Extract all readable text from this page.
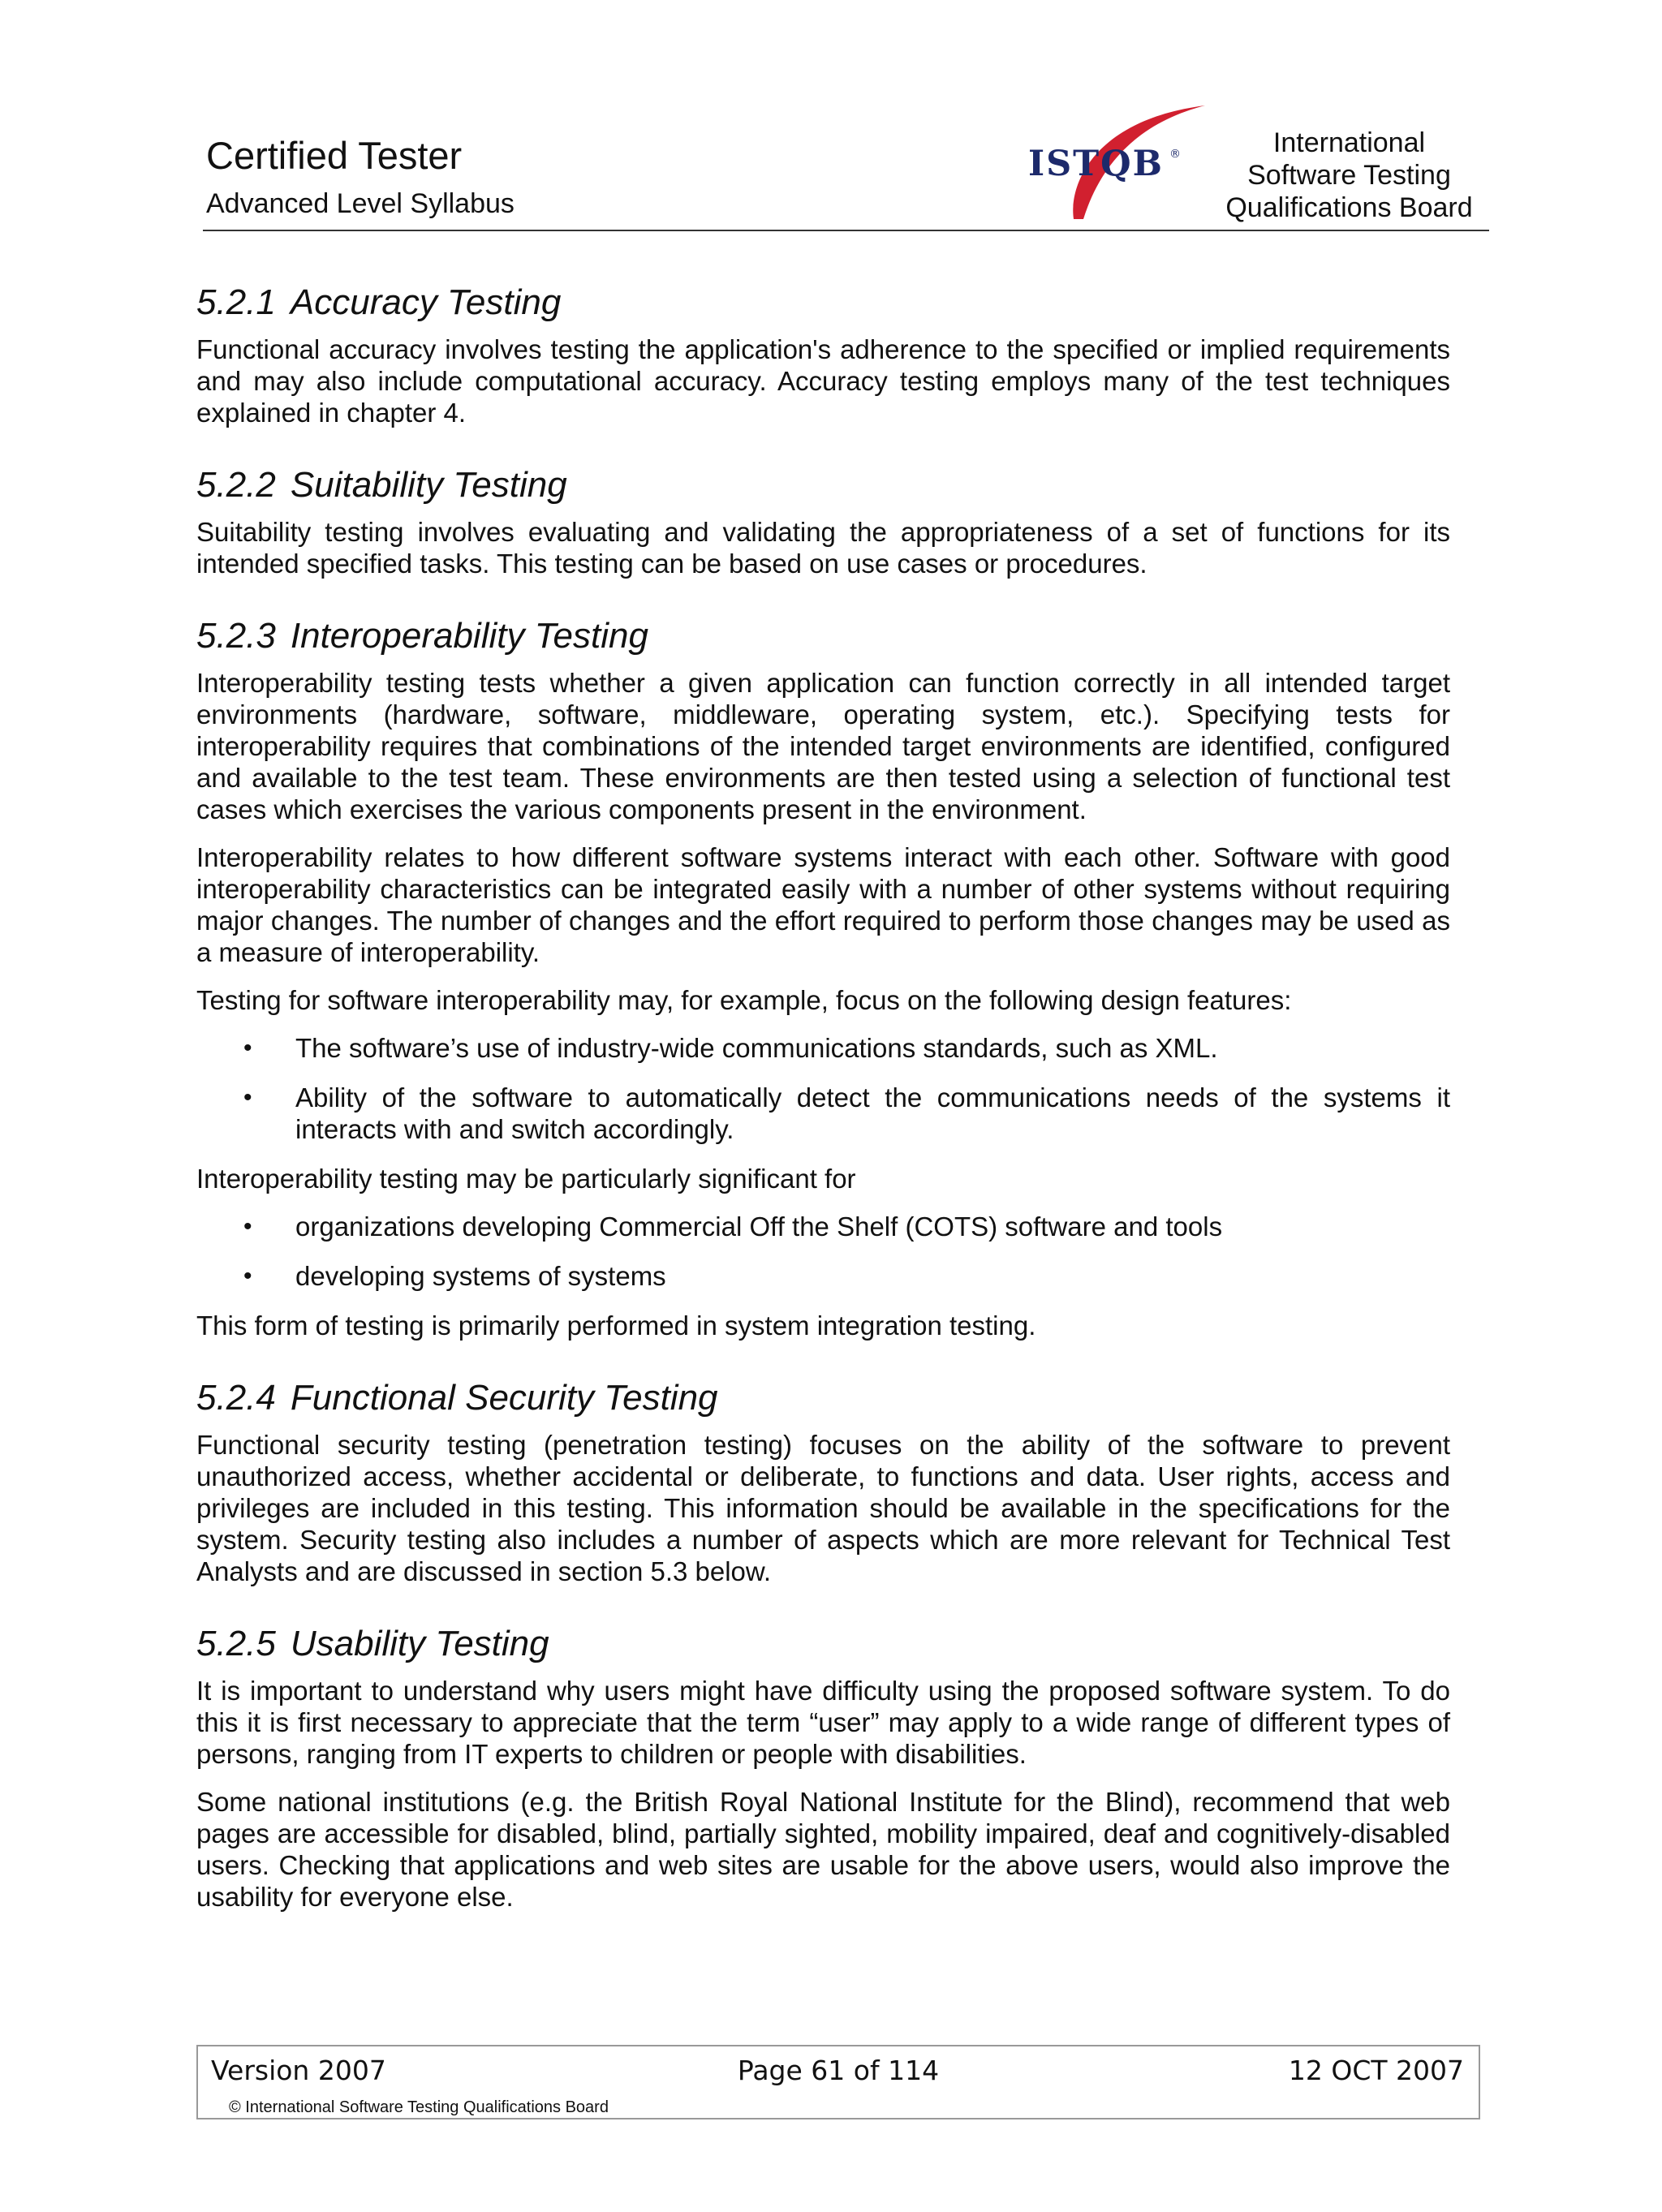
Certified Tester
Advanced Level Syllabus
ISTQB ®	International
Software Testing
Qualifications Board
5.2.1 Accuracy Testing

Functional accuracy involves testing the application's adherence to the specified or implied requirements and may also include computational accuracy. Accuracy testing employs many of the test techniques explained in chapter 4.

5.2.2 Suitability Testing

Suitability testing involves evaluating and validating the appropriateness of a set of functions for its intended specified tasks. This testing can be based on use cases or procedures.

5.2.3 Interoperability Testing

Interoperability testing tests whether a given application can function correctly in all intended target environments (hardware, software, middleware, operating system, etc.). Specifying tests for interoperability requires that combinations of the intended target environments are identified, configured and available to the test team. These environments are then tested using a selection of functional test cases which exercises the various components present in the environment.

Interoperability relates to how different software systems interact with each other. Software with good interoperability characteristics can be integrated easily with a number of other systems without requiring major changes. The number of changes and the effort required to perform those changes may be used as a measure of interoperability.

Testing for software interoperability may, for example, focus on the following design features:

• The software’s use of industry-wide communications standards, such as XML.
• Ability of the software to automatically detect the communications needs of the systems it interacts with and switch accordingly.

Interoperability testing may be particularly significant for

• organizations developing Commercial Off the Shelf (COTS) software and tools
• developing systems of systems

This form of testing is primarily performed in system integration testing.

5.2.4 Functional Security Testing

Functional security testing (penetration testing) focuses on the ability of the software to prevent unauthorized access, whether accidental or deliberate, to functions and data. User rights, access and privileges are included in this testing. This information should be available in the specifications for the system. Security testing also includes a number of aspects which are more relevant for Technical Test Analysts and are discussed in section 5.3 below.

5.2.5 Usability Testing

It is important to understand why users might have difficulty using the proposed software system. To do this it is first necessary to appreciate that the term “user” may apply to a wide range of different types of persons, ranging from IT experts to children or people with disabilities.

Some national institutions (e.g. the British Royal National Institute for the Blind), recommend that web pages are accessible for disabled, blind, partially sighted, mobility impaired, deaf and cognitively-disabled users. Checking that applications and web sites are usable for the above users, would also improve the usability for everyone else.

Version 2007	Page 61 of 114	12 OCT 2007
© International Software Testing Qualifications Board
